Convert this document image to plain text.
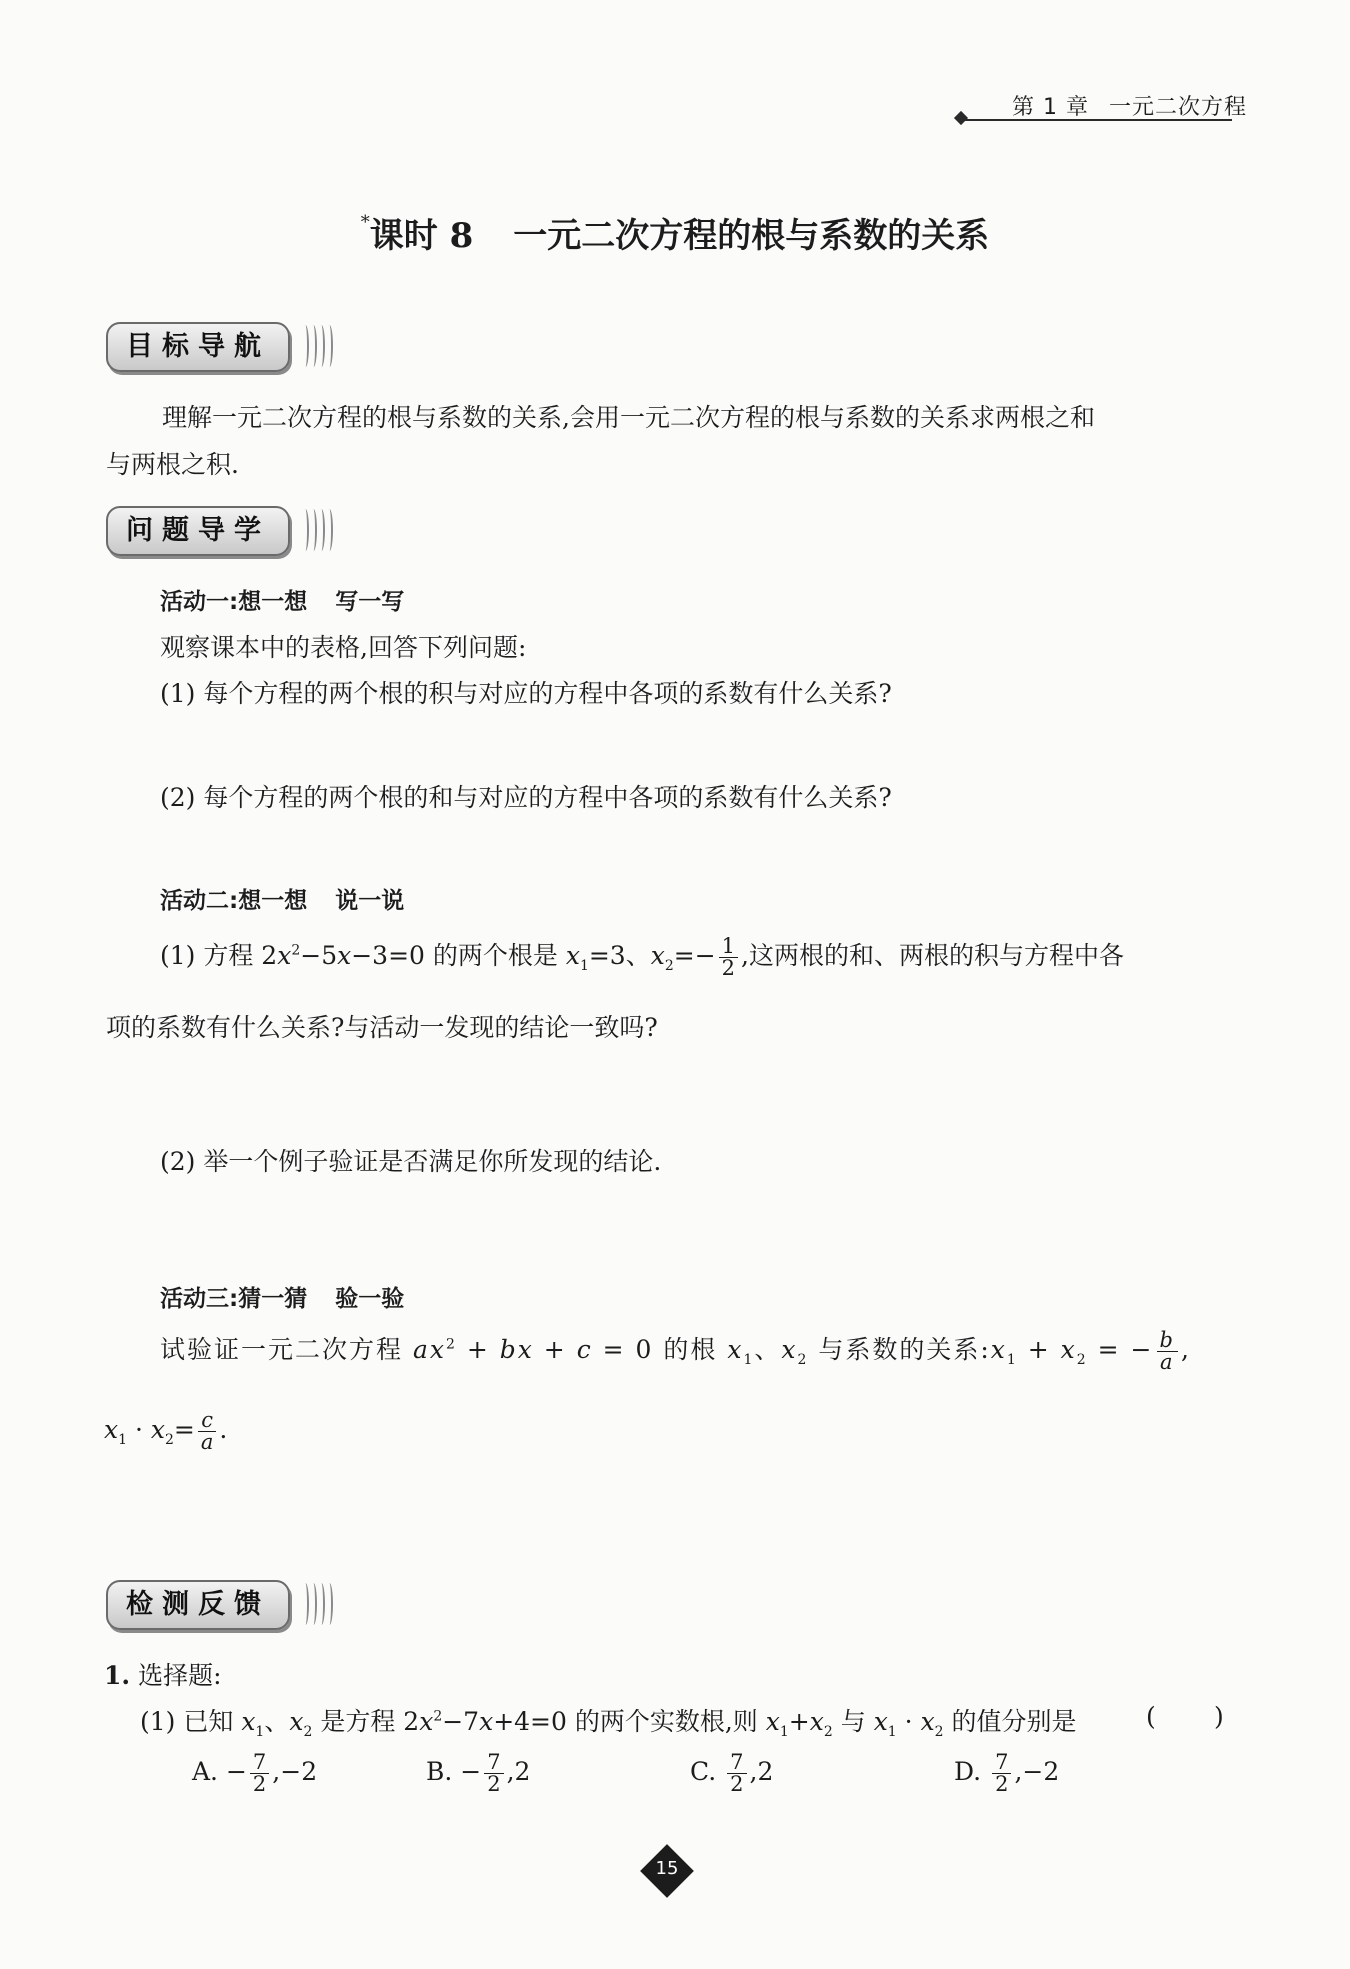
第 1 章 一元二次方程
*课时 8 一元二次方程的根与系数的关系
目标导航
理解一元二次方程的根与系数的关系,会用一元二次方程的根与系数的关系求两根之和
与两根之积.
问题导学
活动一:想一想 写一写
观察课本中的表格,回答下列问题:
(1) 每个方程的两个根的积与对应的方程中各项的系数有什么关系?
(2) 每个方程的两个根的和与对应的方程中各项的系数有什么关系?
活动二:想一想 说一说
(1) 方程 $2x^2-5x-3=0$ 的两个根是 $x_1=3$、$x_2=- \frac{1}{2}$ ,这两根的和、两根的积与方程中各
项的系数有什么关系?与活动一发现的结论一致吗?
(2) 举一个例子验证是否满足你所发现的结论.
活动三:猜一猜 验一验
试验证一元二次方程 $ax^2$ + bx + c = 0 的根 $x_1$、$x_2$ 与系数的关系$:x_1 + x_2$ = − $\frac{b}{a}$ ,
$x_1 \cdot x_2= \frac{c}{a}$ .
检测反馈
1. 选择题:
(1) 已知 $x_1$、$x_2$ 是方程 $2x^2-7x+4=0$ 的两个实数根,则 $x_1+x_2$ 与 $x_1 \cdot x_2$ 的值分别是	( )
A. − $\frac{7}{2} ,-2$	B. − $\frac{7}{2} ,2$	C. $\frac{7}{2} ,2$	D. $\frac{7}{2} ,-2$
15
